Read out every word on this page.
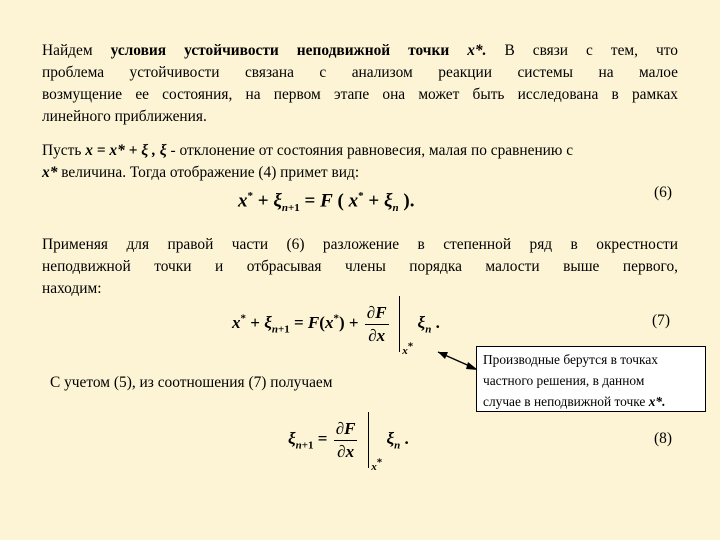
Найдем условия устойчивости неподвижной точки x*. В связи с тем, что
проблема устойчивости связана с анализом реакции системы на малое
возмущение ее состояния, на первом этапе она может быть исследована в рамках
линейного приближения.
Пусть x = x* + ξ , ξ - отклонение от состояния равновесия, малая по сравнению с
x* величина. Тогда отображение (4) примет вид:
$x^* + \xi_{n+1} = F$ ( $x^* + \xi_n$ ).	(6)
Применяя для правой части (6) разложение в степенной ряд в окрестности
неподвижной точки и отбрасывая члены порядка малости выше первого,
находим:
$x^* + \xi_{n+1} = F(x^*) + \frac{\partial F}{\partial x}$
$_{x^*}$ $\xi_n$ .	(7)
С учетом (5), из соотношения (7) получаем
Производные берутся в точках
частного решения, в данном
случае в неподвижной точке x*.
$\xi_{n+1} = \frac{\partial F}{\partial x}$
$_{x^*}$ $\xi_n$ .	(8)
